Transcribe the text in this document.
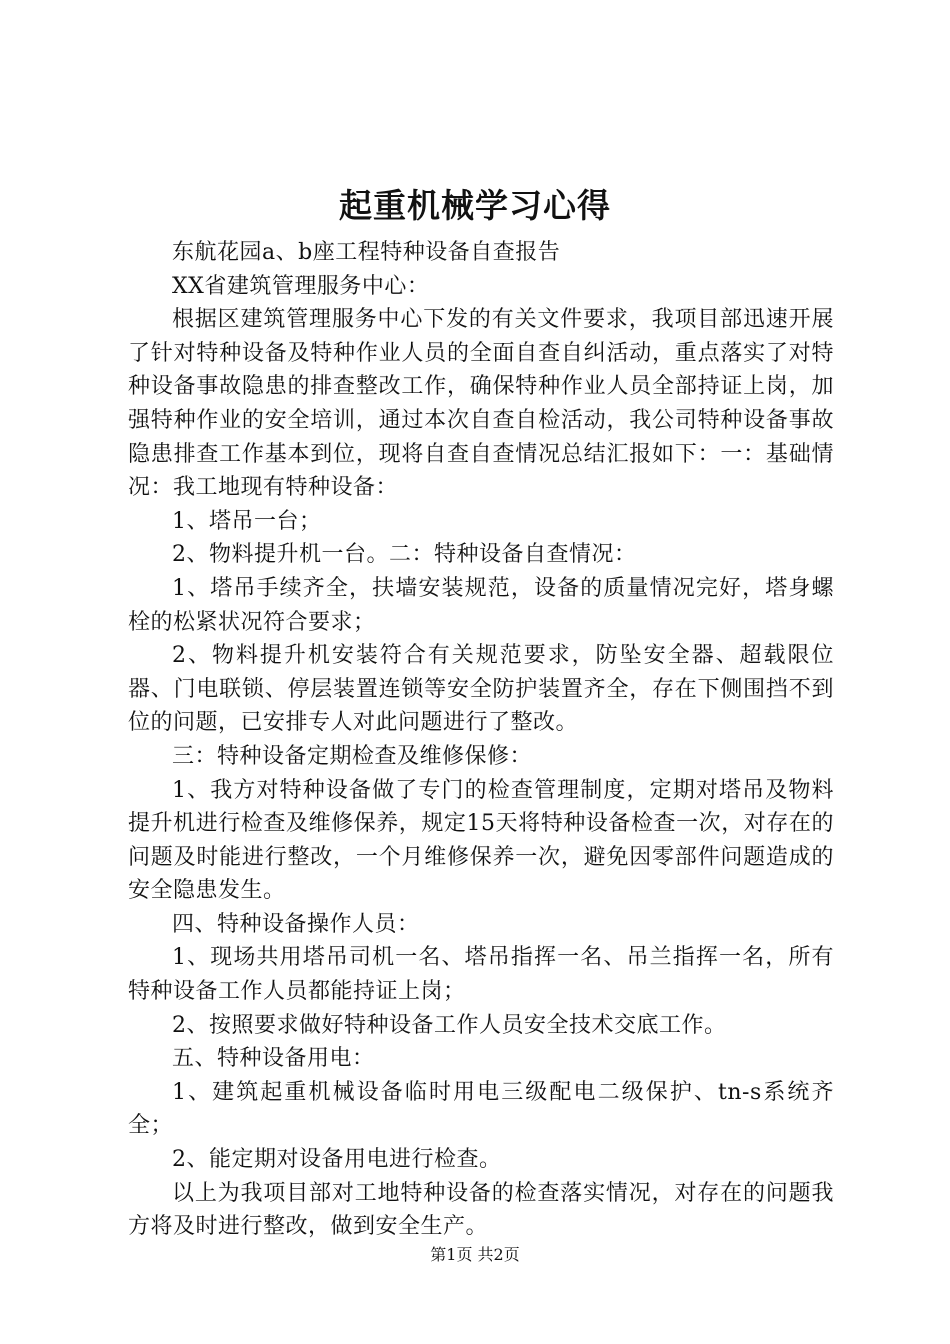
起重机械学习心得

东航花园a、b座工程特种设备自查报告

XX省建筑管理服务中心：

根据区建筑管理服务中心下发的有关文件要求，我项目部迅速开展了针对特种设备及特种作业人员的全面自查自纠活动，重点落实了对特种设备事故隐患的排查整改工作，确保特种作业人员全部持证上岗，加强特种作业的安全培训，通过本次自查自检活动，我公司特种设备事故隐患排查工作基本到位，现将自查自查情况总结汇报如下：一：基础情况：我工地现有特种设备：

1、塔吊一台；

2、物料提升机一台。二：特种设备自查情况：

1、塔吊手续齐全，扶墙安装规范，设备的质量情况完好，塔身螺栓的松紧状况符合要求；

2、物料提升机安装符合有关规范要求，防坠安全器、超载限位器、门电联锁、停层装置连锁等安全防护装置齐全，存在下侧围挡不到位的问题，已安排专人对此问题进行了整改。

三：特种设备定期检查及维修保修：

1、我方对特种设备做了专门的检查管理制度，定期对塔吊及物料提升机进行检查及维修保养，规定15天将特种设备检查一次，对存在的问题及时能进行整改，一个月维修保养一次，避免因零部件问题造成的安全隐患发生。

四、特种设备操作人员：

1、现场共用塔吊司机一名、塔吊指挥一名、吊兰指挥一名，所有特种设备工作人员都能持证上岗；

2、按照要求做好特种设备工作人员安全技术交底工作。

五、特种设备用电：

1、建筑起重机械设备临时用电三级配电二级保护、tn-s系统齐全；

2、能定期对设备用电进行检查。

以上为我项目部对工地特种设备的检查落实情况，对存在的问题我方将及时进行整改，做到安全生产。

第1页 共2页
